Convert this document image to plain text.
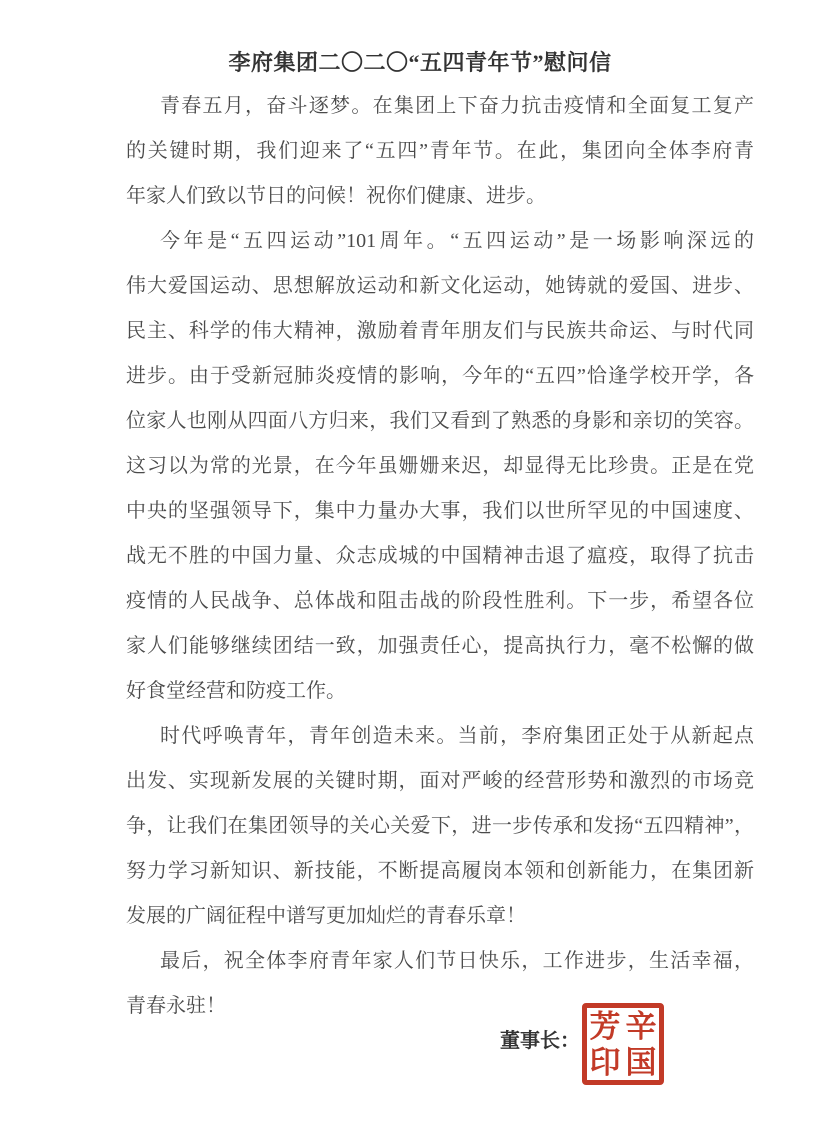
李府集团二〇二〇“五四青年节”慰问信
青春五月，奋斗逐梦。在集团上下奋力抗击疫情和全面复工复产
的关键时期，我们迎来了“五四”青年节。在此，集团向全体李府青
年家人们致以节日的问候！祝你们健康、进步。
今年是“五四运动”101周年。“五四运动”是一场影响深远的
伟大爱国运动、思想解放运动和新文化运动，她铸就的爱国、进步、
民主、科学的伟大精神，激励着青年朋友们与民族共命运、与时代同
进步。由于受新冠肺炎疫情的影响，今年的“五四”恰逢学校开学，各
位家人也刚从四面八方归来，我们又看到了熟悉的身影和亲切的笑容。
这习以为常的光景，在今年虽姗姗来迟，却显得无比珍贵。正是在党
中央的坚强领导下，集中力量办大事，我们以世所罕见的中国速度、
战无不胜的中国力量、众志成城的中国精神击退了瘟疫，取得了抗击
疫情的人民战争、总体战和阻击战的阶段性胜利。下一步，希望各位
家人们能够继续团结一致，加强责任心，提高执行力，毫不松懈的做
好食堂经营和防疫工作。
时代呼唤青年，青年创造未来。当前，李府集团正处于从新起点
出发、实现新发展的关键时期，面对严峻的经营形势和激烈的市场竞
争，让我们在集团领导的关心关爱下，进一步传承和发扬“五四精神”，
努力学习新知识、新技能，不断提高履岗本领和创新能力，在集团新
发展的广阔征程中谱写更加灿烂的青春乐章！
最后，祝全体李府青年家人们节日快乐，工作进步，生活幸福，
青春永驻！
董事长： 芳 辛
印 国
